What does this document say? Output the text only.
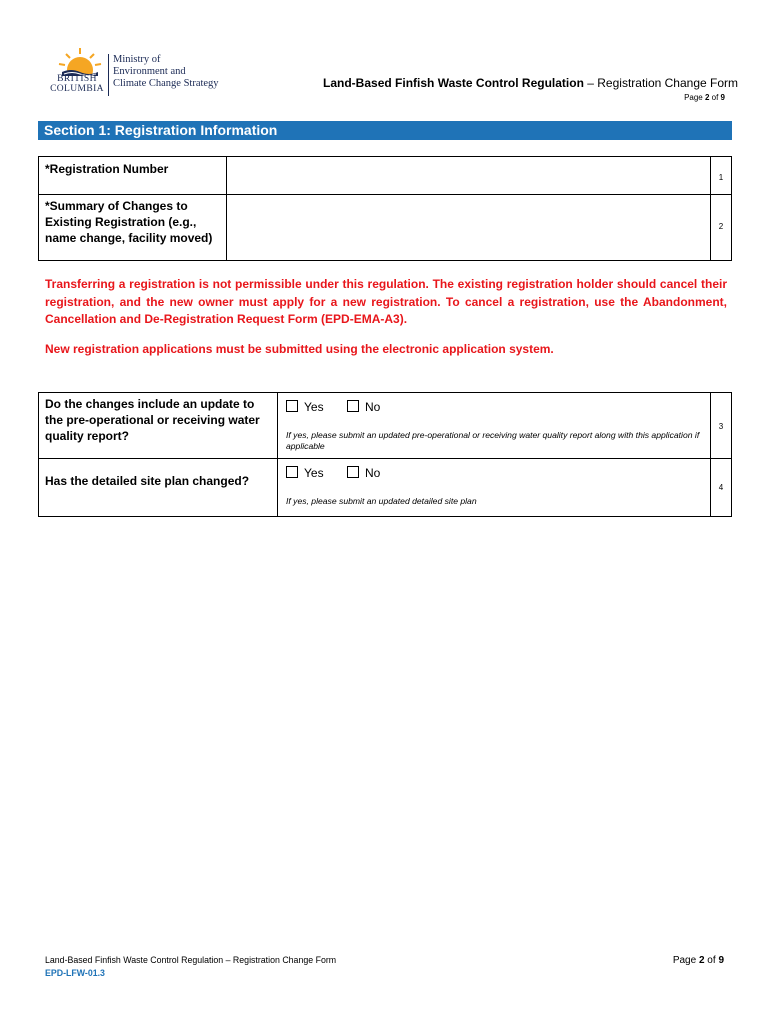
BRITISH
COLUMBIA
Ministry of
Environment and
Climate Change Strategy	Land-Based Finfish Waste Control Regulation – Registration Change Form
Page 2 of 9
Section 1: Registration Information
*Registration Number
1
*Summary of Changes to Existing Registration (e.g., name change, facility moved)
2
Transferring a registration is not permissible under this regulation. The existing registration holder should cancel their registration, and the new owner must apply for a new registration. To cancel a registration, use the Abandonment, Cancellation and De-Registration Request Form (EPD-EMA-A3).
New registration applications must be submitted using the electronic application system.
Do the changes include an update to the pre-operational or receiving water quality report?
Yes	No
If yes, please submit an updated pre-operational or receiving water quality report along with this application if applicable
3
Has the detailed site plan changed?
Yes	No
If yes, please submit an updated detailed site plan
4
Land-Based Finfish Waste Control Regulation – Registration Change Form
EPD-LFW-01.3
Page 2 of 9
